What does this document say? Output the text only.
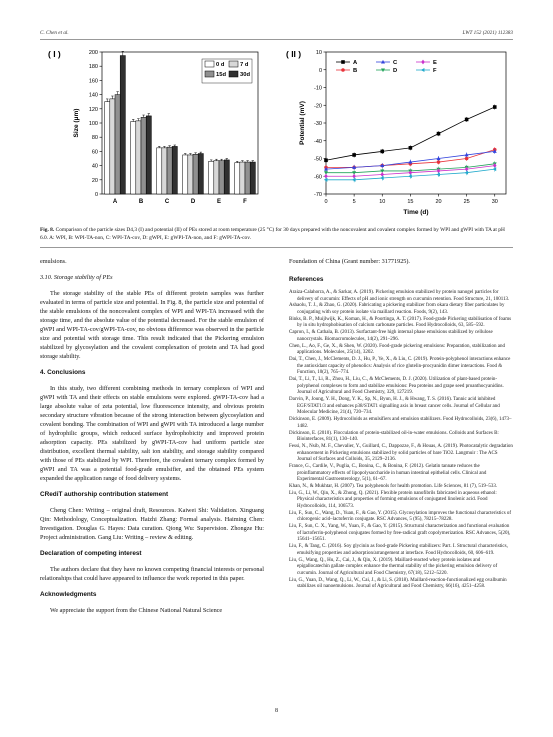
C. Chen et al.	LWT 152 (2021) 112383
( I )
0
20
40
60
80
100
120
140
160
180
200
Size (μm)
A	B	C	D	E	F
0 d	7 d
15d 30d
( II )
-70
-60
-50
-40
-30
-20
-10
0
10
0	5	10	15	20	25	30
Time (d)
Potential (mV)
A
B
C
D
E
F
Fig. 8. Comparison of the particle sizes D4,3 (I) and potential (II) of PEs stored at room temperature (25 °C) for 30 days prepared with the noncovalent and covalent complex formed by WPI and gWPI with TA at pH 6.0. A: WPI, B: WPI-TA-non, C: WPI-TA-cov, D: gWPI, E: gWPI-TA-non, and F: gWPI-TA-cov.

emulsions.

3.10. Storage stability of PEs

The storage stability of the stable PEs of different protein samples was further evaluated in terms of particle size and potential. In Fig. 8, the particle size and potential of the stable emulsions of the noncovalent complex of WPI and WPI-TA increased with the storage time, and the absolute value of the potential decreased. For the stable emulsion of gWPI and WPI-TA-cov/gWPI-TA-cov, no obvious difference was observed in the particle size and potential with storage time. This result indicated that the Pickering emulsion stabilized by glycosylation and the covalent complexation of protein and TA had good storage stability.

4. Conclusions

In this study, two different combining methods in ternary complexes of WPI and gWPI with TA and their effects on stable emulsions were explored. gWPI-TA-cov had a large absolute value of zeta potential, low fluorescence intensity, and obvious protein secondary structure vibration because of the strong interaction between glycosylation and covalent bonding. The combination of WPI and gWPI with TA introduced a large number of hydrophilic groups, which reduced surface hydrophobicity and improved protein adsorption capacity. PEs stabilized by gWPI-TA-cov had uniform particle size distribution, excellent thermal stability, salt ion stability, and storage stability compared with those of PEs stabilized by WPI. Therefore, the covalent ternary complex formed by gWPI and TA was a potential food-grade emulsifier, and the obtained PEs system expanded the application range of food delivery systems.

CRediT authorship contribution statement

Cheng Chen: Writing – original draft, Resources. Kaiwei Shi: Validation. Xinguang Qin: Methodology, Conceptualization. Haizhi Zhang: Formal analysis. Haiming Chen: Investigation. Douglas G. Hayes: Data curation. Qiong Wu: Supervision. Zhongze Hu: Project administration. Gang Liu: Writing – review & editing.

Declaration of competing interest

The authors declare that they have no known competing financial interests or personal relationships that could have appeared to influence the work reported in this paper.

Acknowledgments

We appreciate the support from the Chinese National Natural Science

Foundation of China (Grant number: 31771925).

References

Araiza-Calahorra, A., & Sarkar, A. (2019). Pickering emulsion stabilized by protein nanogel particles for delivery of curcumin: Effects of pH and ionic strength on curcumin retention. Food Structure, 21, 100113.
Ashaolu, T. J., & Zhao, G. (2020). Fabricating a pickering stabilizer from okara dietary fiber particulates by conjugating with soy protein isolate via maillard reaction. Foods, 9(2), 143.
Binks, B. P., Muijlwijk, K., Koman, H., & Poortinga, A. T. (2017). Food-grade Pickering stabilisation of foams by in situ hydrophobisation of calcium carbonate particles. Food Hydrocolloids, 63, 585–592.
Capron, I., & Cathala, B. (2013). Surfactant-free high internal phase emulsions stabilized by cellulose nanocrystals. Biomacromolecules, 14(2), 291–296.
Chen, L., Ao, F., Ge, X., & Shen, W. (2020). Food-grade pickering emulsions: Preparation, stabilization and applications. Molecules, 25(14), 3202.
Dai, T., Chen, J., McClements, D. J., Hu, P., Ye, X., & Liu, C. (2019). Protein-polyphenol interactions enhance the antioxidant capacity of phenolics: Analysis of rice glutelin-procyanidin dimer interactions. Food & Function, 10(2), 765–774.
Dai, T., Li, T., Li, R., Zhou, H., Liu, C., & McClements, D. J. (2020). Utilization of plant-based protein-polyphenol complexes to form and stabilize emulsions: Pea proteins and grape seed proanthocyanidins. Journal of Agricultural and Food Chemistry, 329, 127219.
Darvin, P., Joung, Y. H., Dong, Y. K., Sp, N., Byun, H. J., & Hwang, T. S. (2016). Tannic acid inhibited EGF/STAT1/3 and enhances p38/STAT1 signalling axis in breast cancer cells. Journal of Cellular and Molecular Medicine, 21(4), 720–734.
Dickinson, E. (2009). Hydrocolloids as emulsifiers and emulsion stabilizers. Food Hydrocolloids, 23(6), 1473–1482.
Dickinson, E. (2010). Flocculation of protein-stabilized oil-in-water emulsions. Colloids and Surfaces B: Biointerfaces, 81(1), 130–140.
Fessi, N., Nsib, M. F., Chevalier, Y., Guillard, C., Dappozze, F., & Houas, A. (2019). Photocatalytic degradation enhancement in Pickering emulsions stabilized by solid particles of bare TiO2. Langmuir : The ACS Journal of Surfaces and Colloids, 35, 2129–2136.
France, G., Cardile, V., Puglia, C., Bonina, C., & Bonina, F. (2012). Gelatin tannate reduces the proinflammatory effects of lipopolysaccharide in human intestinal epithelial cells. Clinical and Experimental Gastroenterology, 5(1), 61–67.
Khan, N., & Mukhtar, H. (2007). Tea polyphenols for health promotion. Life Sciences, 81 (7), 519–533.
Liu, G., Li, W., Qin, X., & Zhong, Q. (2021). Flexible protein nanofibrils fabricated in aqueous ethanol: Physical characteristics and properties of forming emulsions of conjugated linolenic acid. Food Hydrocolloids, 114, 106573.
Liu, F., Sun, C., Wang, D., Yuan, F., & Gao, Y. (2015). Glycosylation improves the functional characteristics of chlorogenic acid–lactoferrin conjugate. RSC Advances, 5 (95), 78215–78228.
Liu, F., Sun, C. X., Yang, W., Yuan, F., & Gao, Y. (2015). Structural characterization and functional evaluation of lactoferrin-polyphenol conjugates formed by free-radical graft copolymerization. RSC Advances, 5(20), 15641–15651.
Liu, F., & Tang, C. (2016). Soy glycinin as food-grade Pickering stabilizers: Part. I. Structural characteristics, emulsifying properties and adsorption/arrangement at interface. Food Hydrocolloids, 60, 606–619.
Liu, G., Wang, Q., Hu, Z., Cai, J., & Qin, X. (2019). Maillard-reacted whey protein isolates and epigallocatechin gallate complex enhance the thermal stability of the pickering emulsion delivery of curcumin. Journal of Agricultural and Food Chemistry, 67(18), 5212–5220.
Liu, G., Yuan, D., Wang, Q., Li, W., Cai, J., & Li, S. (2018). Maillard-reaction-functionalized egg ovalbumin stabilizes oil nanoemulsions. Journal of Agricultural and Food Chemistry, 66(16), 4251–4258.
8
